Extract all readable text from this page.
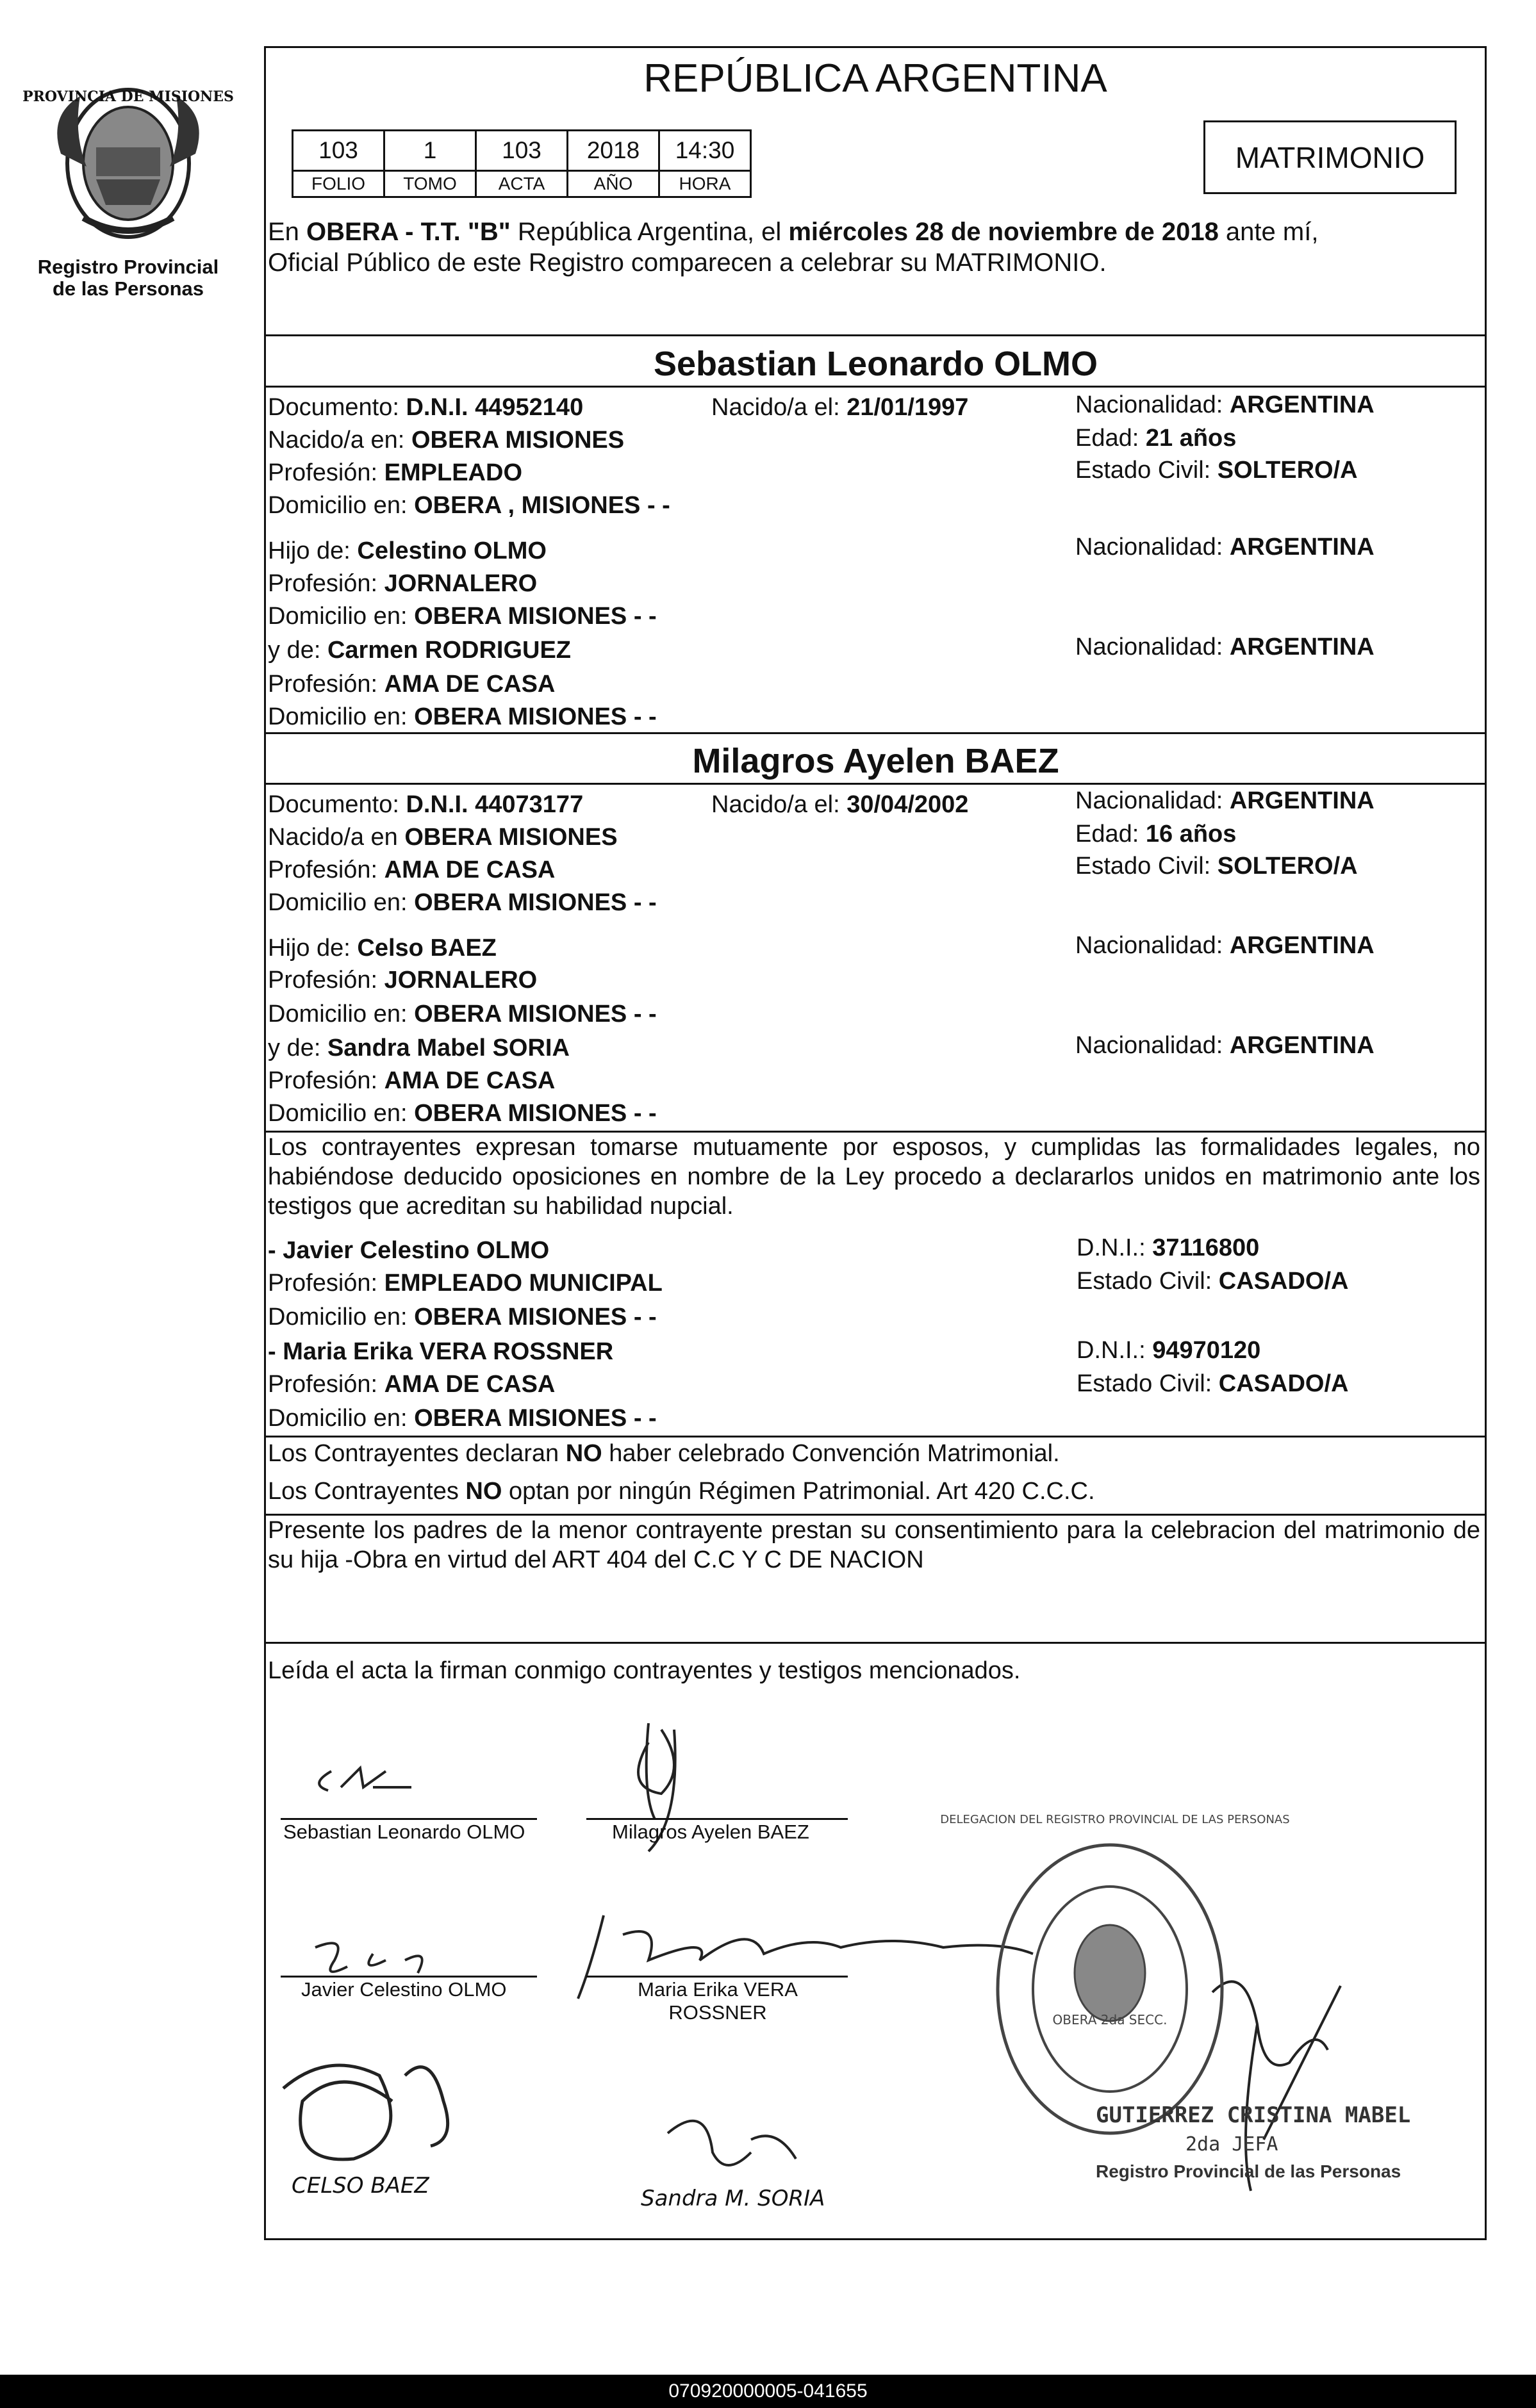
PROVINCIA DE MISIONES
Registro Provincial
de las Personas
REPÚBLICA ARGENTINA
103	1	103	2018	14:30
FOLIO	TOMO	ACTA	AÑO	HORA
MATRIMONIO
En OBERA - T.T. "B" República Argentina, el miércoles 28 de noviembre de 2018 ante mí,
Oficial Público de este Registro comparecen a celebrar su MATRIMONIO.
Sebastian Leonardo OLMO
Documento: D.N.I. 44952140	Nacido/a el: 21/01/1997	Nacionalidad: ARGENTINA
Nacido/a en: OBERA MISIONES	Edad: 21 años
Profesión: EMPLEADO	Estado Civil: SOLTERO/A
Domicilio en: OBERA , MISIONES - -
Hijo de: Celestino OLMO	Nacionalidad: ARGENTINA
Profesión: JORNALERO
Domicilio en: OBERA MISIONES - -
y de: Carmen RODRIGUEZ	Nacionalidad: ARGENTINA
Profesión: AMA DE CASA
Domicilio en: OBERA MISIONES - -
Milagros Ayelen BAEZ
Documento: D.N.I. 44073177	Nacido/a el: 30/04/2002	Nacionalidad: ARGENTINA
Nacido/a en OBERA MISIONES	Edad: 16 años
Profesión: AMA DE CASA	Estado Civil: SOLTERO/A
Domicilio en: OBERA MISIONES - -
Hijo de: Celso BAEZ	Nacionalidad: ARGENTINA
Profesión: JORNALERO
Domicilio en: OBERA MISIONES - -
y de: Sandra Mabel SORIA	Nacionalidad: ARGENTINA
Profesión: AMA DE CASA
Domicilio en: OBERA MISIONES - -
Los contrayentes expresan tomarse mutuamente por esposos, y cumplidas las formalidades legales, no habiéndose deducido oposiciones en nombre de la Ley procedo a declararlos unidos en matrimonio ante los testigos que acreditan su habilidad nupcial.
- Javier Celestino OLMO	D.N.I.: 37116800
Profesión: EMPLEADO MUNICIPAL	Estado Civil: CASADO/A
Domicilio en: OBERA MISIONES - -
- Maria Erika VERA ROSSNER	D.N.I.: 94970120
Profesión: AMA DE CASA	Estado Civil: CASADO/A
Domicilio en: OBERA MISIONES - -
Los Contrayentes declaran NO haber celebrado Convención Matrimonial.
Los Contrayentes NO optan por ningún Régimen Patrimonial. Art 420 C.C.C.
Presente los padres de la menor contrayente prestan su consentimiento para la celebracion del matrimonio de su hija -Obra en virtud del ART 404 del C.C Y C DE NACION
Leída el acta la firman conmigo contrayentes y testigos mencionados.
OBERA 2da SECC.
DELEGACION DEL REGISTRO PROVINCIAL DE LAS PERSONAS
Sebastian Leonardo OLMO	Milagros Ayelen BAEZ
Javier Celestino OLMO	Maria Erika VERA
ROSSNER
CELSO BAEZ	Sandra M. SORIA
GUTIERREZ CRISTINA MABEL
2da JEFA
Registro Provincial de las Personas
070920000005-041655
